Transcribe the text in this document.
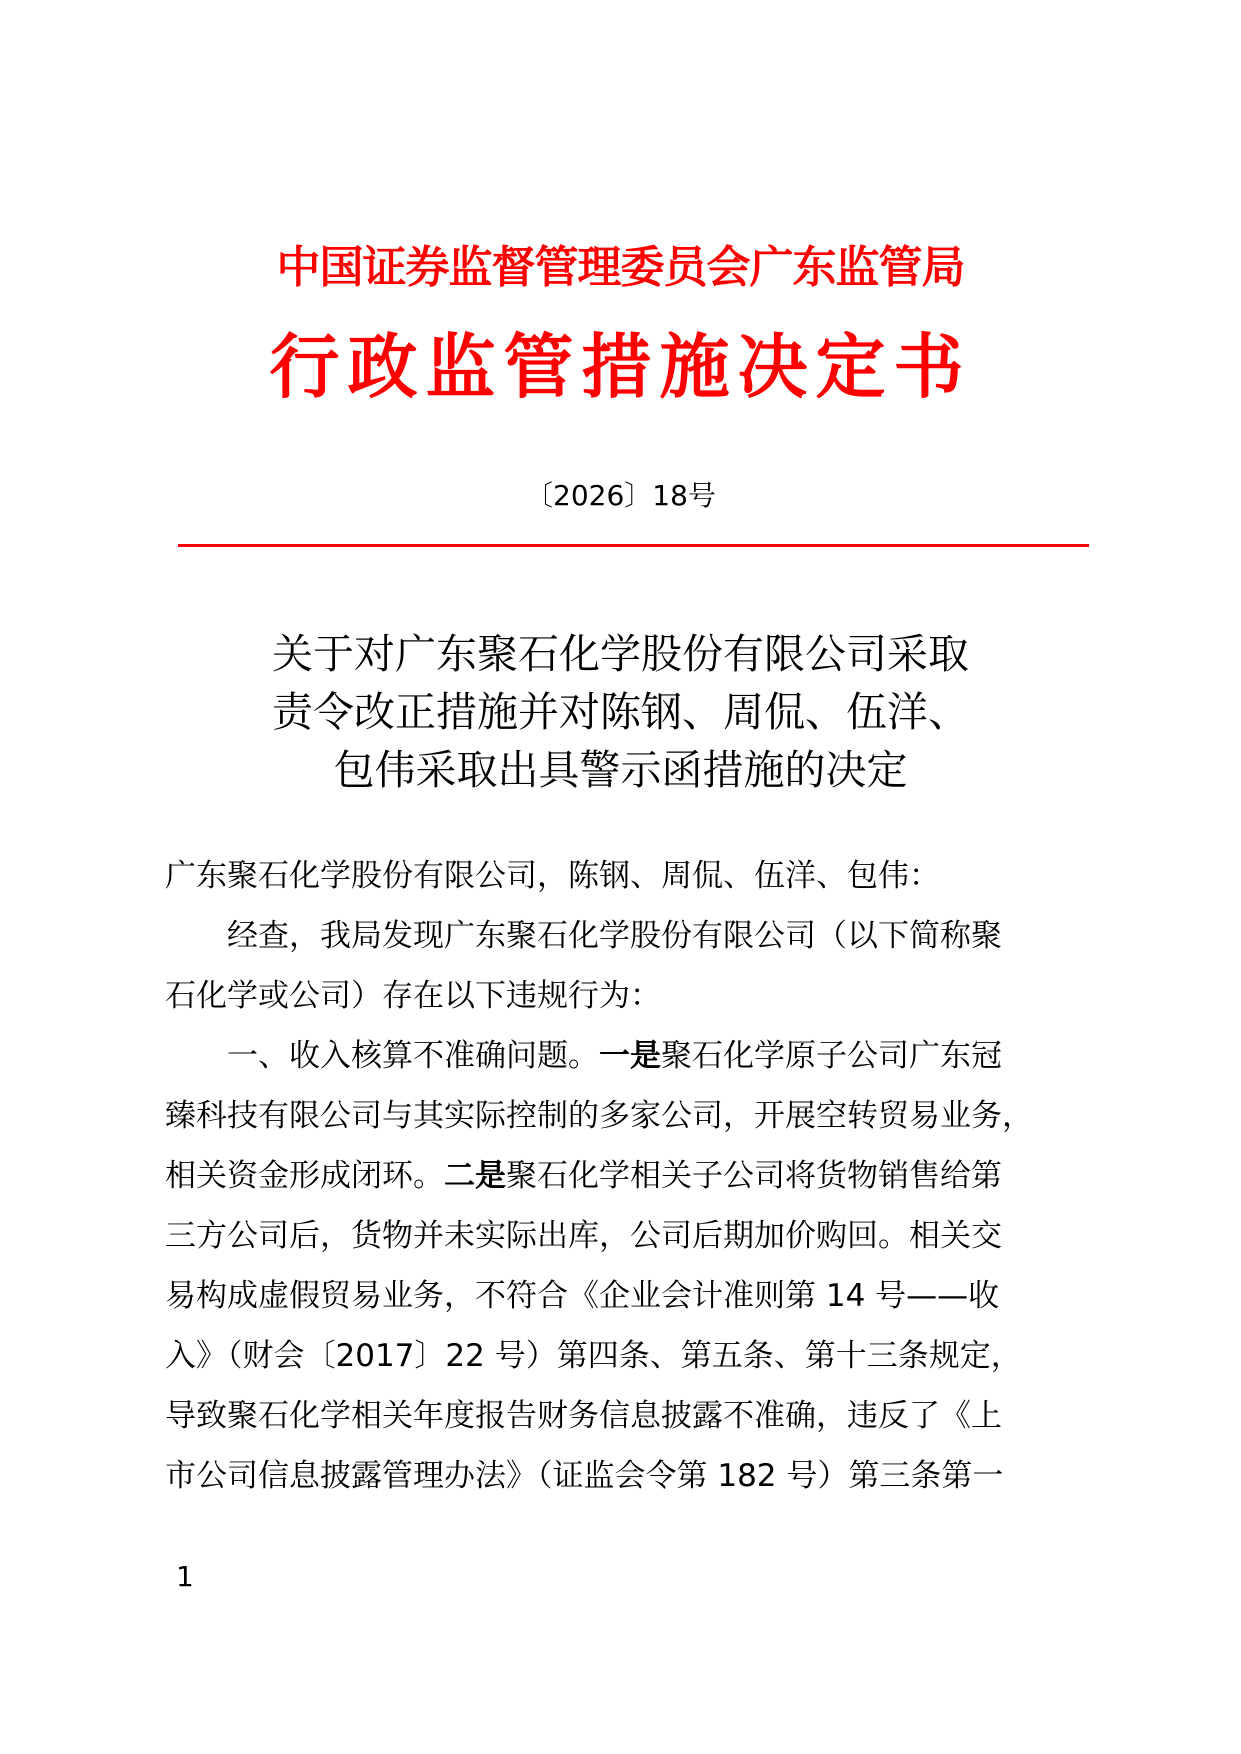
中国证券监督管理委员会广东监管局
行政监管措施决定书
〔2026〕18号
关于对广东聚石化学股份有限公司采取
责令改正措施并对陈钢、周侃、伍洋、
包伟采取出具警示函措施的决定
广东聚石化学股份有限公司，陈钢、周侃、伍洋、包伟：
经查，我局发现广东聚石化学股份有限公司（以下简称聚
石化学或公司）存在以下违规行为：
一、收入核算不准确问题。一是聚石化学原子公司广东冠
臻科技有限公司与其实际控制的多家公司，开展空转贸易业务，
相关资金形成闭环。二是聚石化学相关子公司将货物销售给第
三方公司后，货物并未实际出库，公司后期加价购回。相关交
易构成虚假贸易业务，不符合《企业会计准则第 14 号——收
入》（财会〔2017〕22 号）第四条、第五条、第十三条规定，
导致聚石化学相关年度报告财务信息披露不准确，违反了《上
市公司信息披露管理办法》（证监会令第 182 号）第三条第一
1
